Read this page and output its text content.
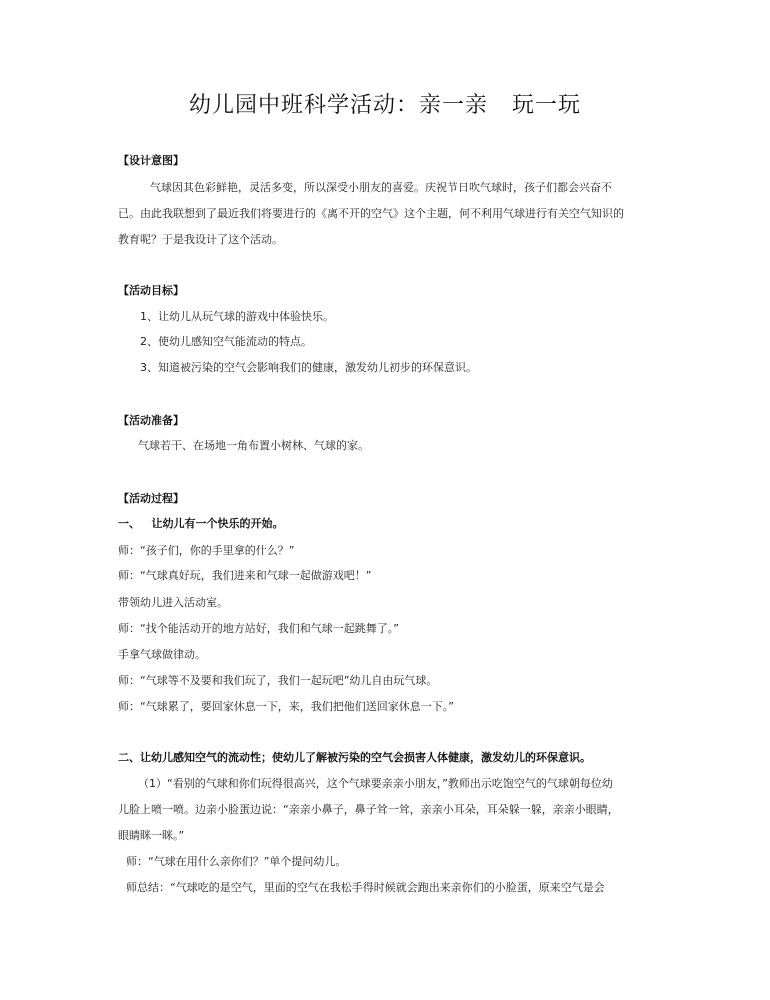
幼儿园中班科学活动：亲一亲   玩一玩
【设计意图】
气球因其色彩鲜艳，灵活多变，所以深受小朋友的喜爱。庆祝节日吹气球时，孩子们都会兴奋不
已。由此我联想到了最近我们将要进行的《离不开的空气》这个主题，何不利用气球进行有关空气知识的
教育呢？于是我设计了这个活动。
【活动目标】
1、让幼儿从玩气球的游戏中体验快乐。
2、使幼儿感知空气能流动的特点。
3、知道被污染的空气会影响我们的健康，激发幼儿初步的环保意识。
【活动准备】
气球若干、在场地一角布置小树林、气球的家。
【活动过程】
一、   让幼儿有一个快乐的开始。
师：“孩子们，你的手里拿的什么？”
师：“气球真好玩，我们进来和气球一起做游戏吧！”
带领幼儿进入活动室。
师：“找个能活动开的地方站好，我们和气球一起跳舞了。”
手拿气球做律动。
师：“气球等不及要和我们玩了，我们一起玩吧”幼儿自由玩气球。
师：“气球累了，要回家休息一下，来，我们把他们送回家休息一下。”
二、让幼儿感知空气的流动性；使幼儿了解被污染的空气会损害人体健康，激发幼儿的环保意识。
（1）“看别的气球和你们玩得很高兴，这个气球要亲亲小朋友，”教师出示吃饱空气的气球朝每位幼
儿脸上喷一喷。边亲小脸蛋边说：“亲亲小鼻子，鼻子耸一耸，亲亲小耳朵，耳朵躲一躲，亲亲小眼睛，
眼睛眯一眯。”
师：“气球在用什么亲你们？”单个提问幼儿。
师总结：“气球吃的是空气，里面的空气在我松手得时候就会跑出来亲你们的小脸蛋，原来空气是会
